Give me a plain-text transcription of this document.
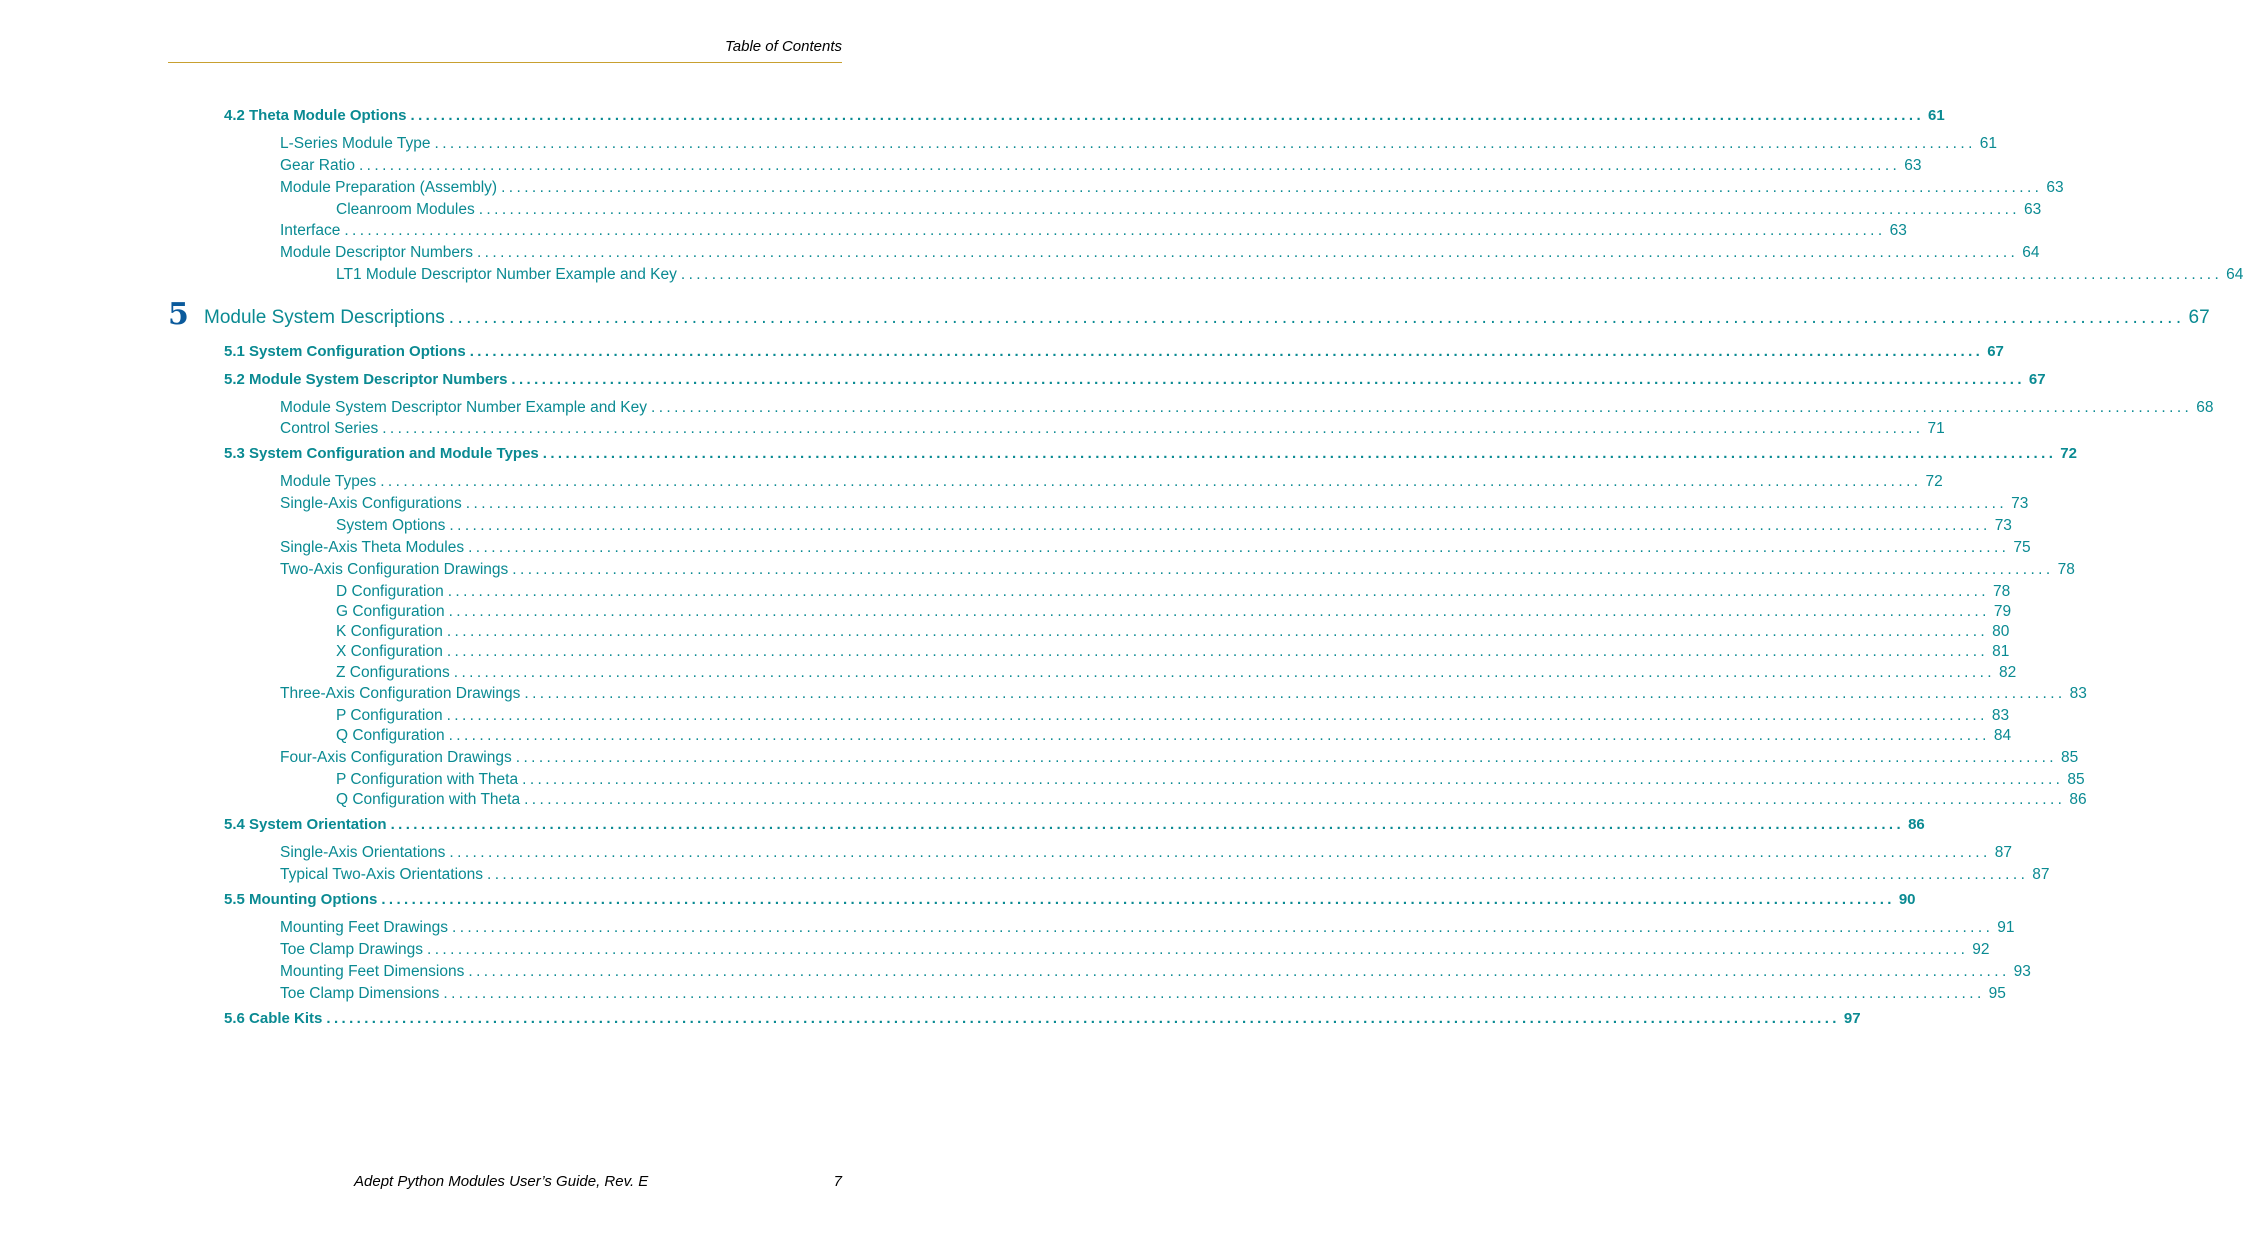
Table of Contents
5
4.2 Theta Module Options ........................................................................................................................................................................................................ 61
L-Series Module Type ........................................................................................................................................................................................................ 61
Gear Ratio ........................................................................................................................................................................................................ 63
Module Preparation (Assembly) ........................................................................................................................................................................................................ 63
Cleanroom Modules ........................................................................................................................................................................................................ 63
Interface ........................................................................................................................................................................................................ 63
Module Descriptor Numbers ........................................................................................................................................................................................................ 64
LT1 Module Descriptor Number Example and Key ........................................................................................................................................................................................................ 64
Module System Descriptions ........................................................................................................................................................................................................ 67
5.1 System Configuration Options ........................................................................................................................................................................................................ 67
5.2 Module System Descriptor Numbers ........................................................................................................................................................................................................ 67
Module System Descriptor Number Example and Key ........................................................................................................................................................................................................ 68
Control Series ........................................................................................................................................................................................................ 71
5.3 System Configuration and Module Types ........................................................................................................................................................................................................ 72
Module Types ........................................................................................................................................................................................................ 72
Single-Axis Configurations ........................................................................................................................................................................................................ 73
System Options ........................................................................................................................................................................................................ 73
Single-Axis Theta Modules ........................................................................................................................................................................................................ 75
Two-Axis Configuration Drawings ........................................................................................................................................................................................................ 78
D Configuration ........................................................................................................................................................................................................ 78
G Configuration ........................................................................................................................................................................................................ 79
K Configuration ........................................................................................................................................................................................................ 80
X Configuration ........................................................................................................................................................................................................ 81
Z Configurations ........................................................................................................................................................................................................ 82
Three-Axis Configuration Drawings ........................................................................................................................................................................................................ 83
P Configuration ........................................................................................................................................................................................................ 83
Q Configuration ........................................................................................................................................................................................................ 84
Four-Axis Configuration Drawings ........................................................................................................................................................................................................ 85
P Configuration with Theta ........................................................................................................................................................................................................ 85
Q Configuration with Theta ........................................................................................................................................................................................................ 86
5.4 System Orientation ........................................................................................................................................................................................................ 86
Single-Axis Orientations ........................................................................................................................................................................................................ 87
Typical Two-Axis Orientations ........................................................................................................................................................................................................ 87
5.5 Mounting Options ........................................................................................................................................................................................................ 90
Mounting Feet Drawings ........................................................................................................................................................................................................ 91
Toe Clamp Drawings ........................................................................................................................................................................................................ 92
Mounting Feet Dimensions ........................................................................................................................................................................................................ 93
Toe Clamp Dimensions ........................................................................................................................................................................................................ 95
5.6 Cable Kits ........................................................................................................................................................................................................ 97
Adept Python Modules User’s Guide, Rev. E	7
